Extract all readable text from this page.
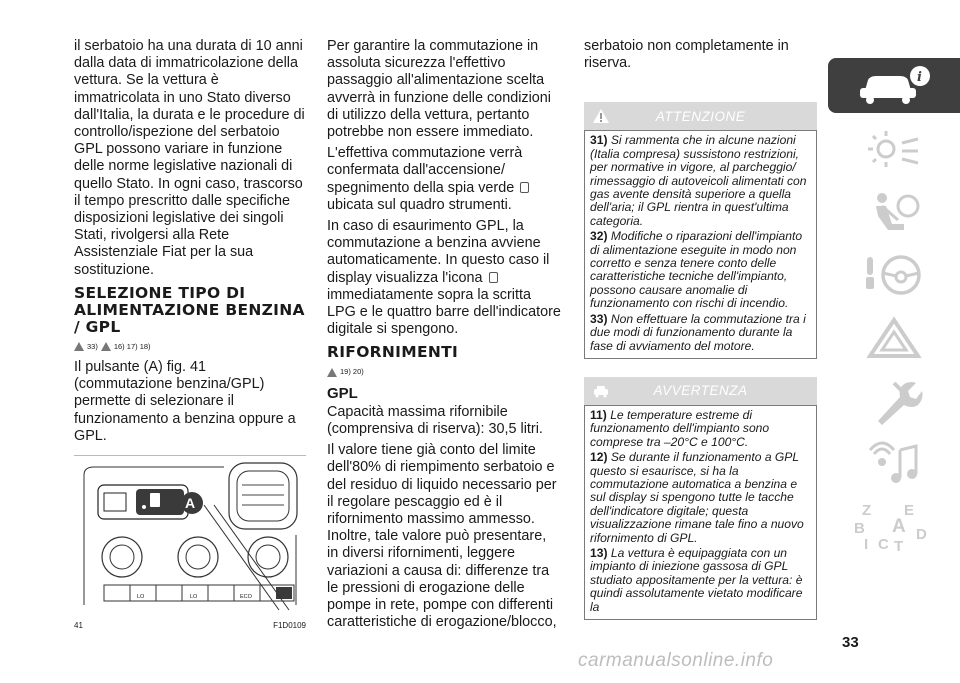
il serbatoio ha una durata di 10 anni dalla data di immatricolazione della vettura. Se la vettura è immatricolata in uno Stato diverso dall'Italia, la durata e le procedure di controllo/ispezione del serbatoio GPL possono variare in funzione delle norme legislative nazionali di quello Stato. In ogni caso, trascorso il tempo prescritto dalle specifiche disposizioni legislative dei singoli Stati, rivolgersi alla Rete Assistenziale Fiat per la sua sostituzione.

SELEZIONE TIPO DI ALIMENTAZIONE BENZINA / GPL
33) 16) 17) 18)

Il pulsante (A) fig. 41 (commutazione benzina/GPL) permette di selezionare il funzionamento a benzina oppure a GPL.

A
LO	LO	ECO
41	F1D0109

Per garantire la commutazione in assoluta sicurezza l'effettivo passaggio all'alimentazione scelta avverrà in funzione delle condizioni di utilizzo della vettura, pertanto potrebbe non essere immediato.

L'effettiva commutazione verrà confermata dall'accensione/ spegnimento della spia verde  ubicata sul quadro strumenti.

In caso di esaurimento GPL, la commutazione a benzina avviene automaticamente. In questo caso il display visualizza l'icona  immediatamente sopra la scritta LPG e le quattro barre dell'indicatore digitale si spengono.

RIFORNIMENTI
19) 20)
GPL

Capacità massima rifornibile (comprensiva di riserva): 30,5 litri.

Il valore tiene già conto del limite dell'80% di riempimento serbatoio e del residuo di liquido necessario per il regolare pescaggio ed è il rifornimento massimo ammesso. Inoltre, tale valore può presentare, in diversi rifornimenti, leggere variazioni a causa di: differenze tra le pressioni di erogazione delle pompe in rete, pompe con differenti caratteristiche di erogazione/blocco,

serbatoio non completamente in riserva.

ATTENZIONE

31) Si rammenta che in alcune nazioni (Italia compresa) sussistono restrizioni, per normative in vigore, al parcheggio/ rimessaggio di autoveicoli alimentati con gas avente densità superiore a quella dell'aria; il GPL rientra in quest'ultima categoria.

32) Modifiche o riparazioni dell'impianto di alimentazione eseguite in modo non corretto e senza tenere conto delle caratteristiche tecniche dell'impianto, possono causare anomalie di funzionamento con rischi di incendio.

33) Non effettuare la commutazione tra i due modi di funzionamento durante la fase di avviamento del motore.

AVVERTENZA

11) Le temperature estreme di funzionamento dell'impianto sono comprese tra –20°C e 100°C.

12) Se durante il funzionamento a GPL questo si esaurisce, si ha la commutazione automatica a benzina e sul display si spengono tutte le tacche dell'indicatore digitale; questa visualizzazione rimane tale fino a nuovo rifornimento di GPL.

13) La vettura è equipaggiata con un impianto di iniezione gassosa di GPL studiato appositamente per la vettura: è quindi assolutamente vietato modificare la

i
Z E
A
B	D
I C T
33
carmanualsonline.info
